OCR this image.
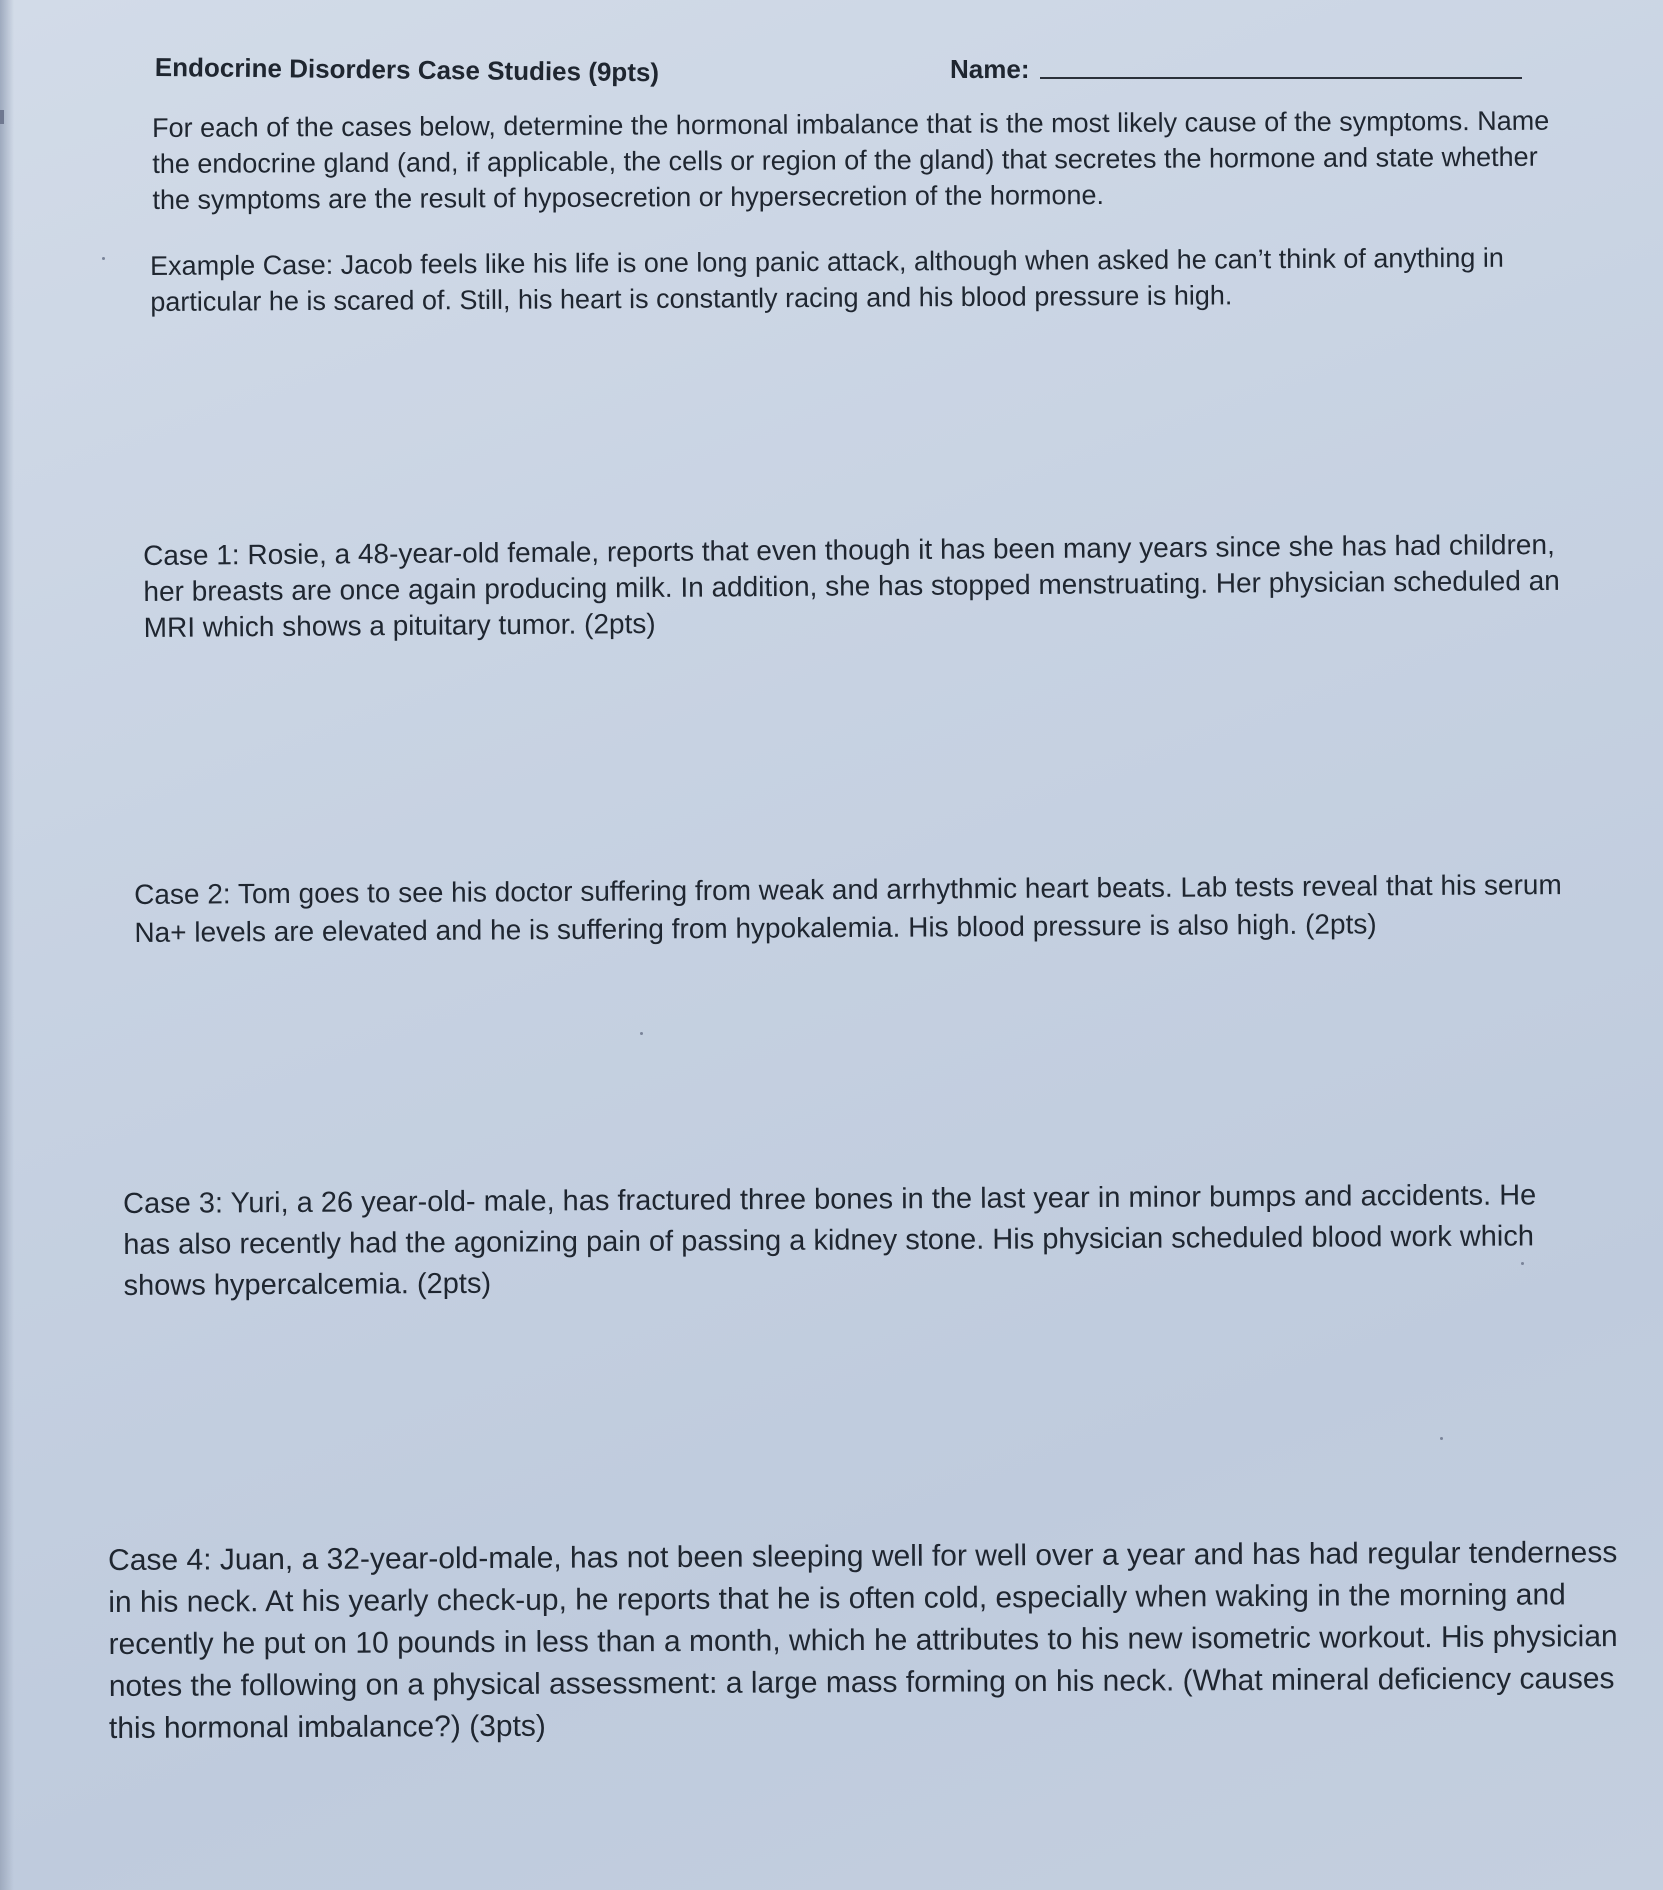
Endocrine Disorders Case Studies (9pts)	Name:

For each of the cases below, determine the hormonal imbalance that is the most likely cause of the symptoms. Name the endocrine gland (and, if applicable, the cells or region of the gland) that secretes the hormone and state whether the symptoms are the result of hyposecretion or hypersecretion of the hormone.

Example Case: Jacob feels like his life is one long panic attack, although when asked he can’t think of anything in particular he is scared of. Still, his heart is constantly racing and his blood pressure is high.

Case 1: Rosie, a 48-year-old female, reports that even though it has been many years since she has had children, her breasts are once again producing milk. In addition, she has stopped menstruating. Her physician scheduled an MRI which shows a pituitary tumor. (2pts)

Case 2: Tom goes to see his doctor suffering from weak and arrhythmic heart beats. Lab tests reveal that his serum Na+ levels are elevated and he is suffering from hypokalemia. His blood pressure is also high. (2pts)

Case 3: Yuri, a 26 year-old- male, has fractured three bones in the last year in minor bumps and accidents. He has also recently had the agonizing pain of passing a kidney stone. His physician scheduled blood work which shows hypercalcemia. (2pts)

Case 4: Juan, a 32-year-old-male, has not been sleeping well for well over a year and has had regular tenderness in his neck. At his yearly check-up, he reports that he is often cold, especially when waking in the morning and recently he put on 10 pounds in less than a month, which he attributes to his new isometric workout. His physician notes the following on a physical assessment: a large mass forming on his neck. (What mineral deficiency causes this hormonal imbalance?) (3pts)
